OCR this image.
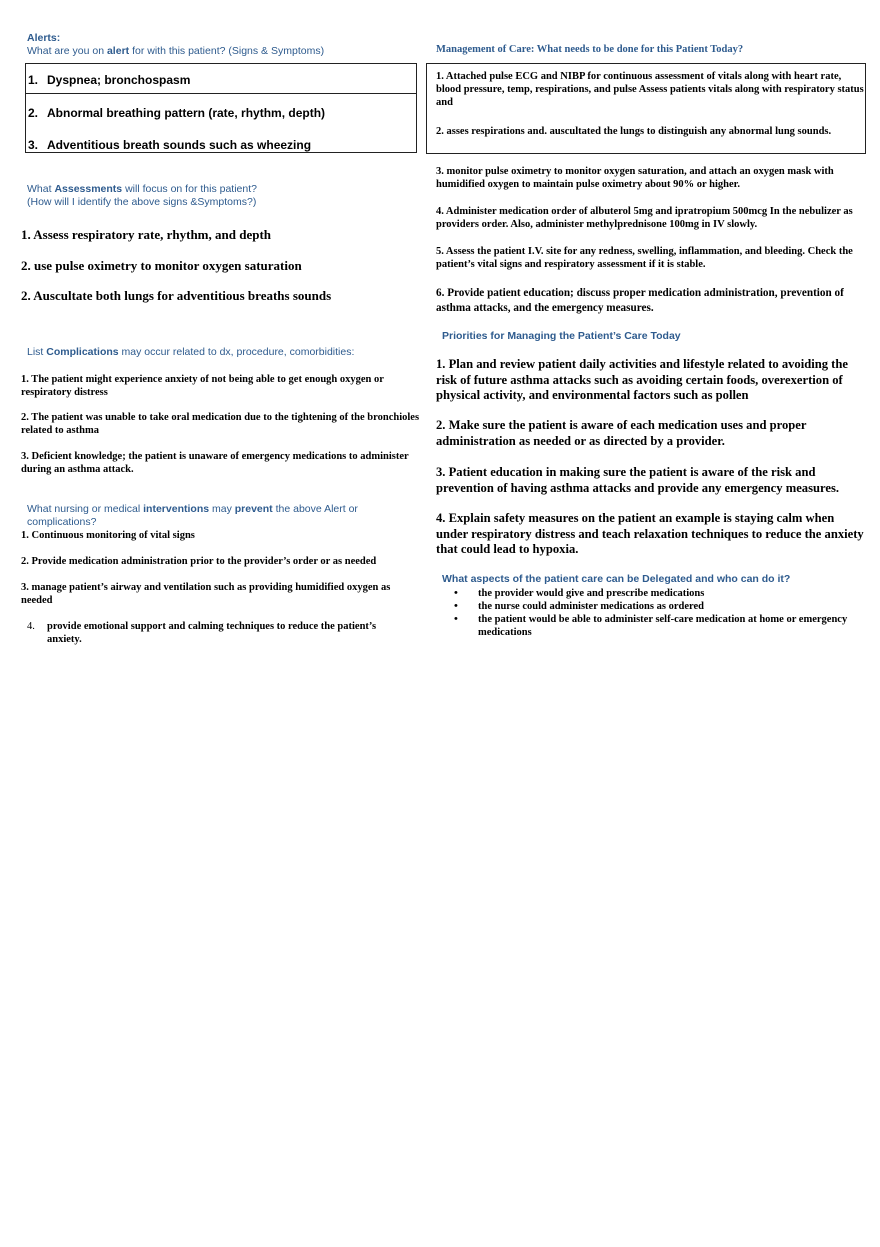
Alerts:
What are you on alert for with this patient? (Signs & Symptoms)
1. Dyspnea; bronchospasm
2. Abnormal breathing pattern (rate, rhythm, depth)
3. Adventitious breath sounds such as wheezing
What Assessments will focus on for this patient?
(How will I identify the above signs &Symptoms?)
1. Assess respiratory rate, rhythm, and depth
2. use pulse oximetry to monitor oxygen saturation
2. Auscultate both lungs for adventitious breaths sounds
List Complications may occur related to dx, procedure, comorbidities:
1. The patient might experience anxiety of not being able to get enough oxygen or respiratory distress
2. The patient was unable to take oral medication due to the tightening of the bronchioles related to asthma
3. Deficient knowledge; the patient is unaware of emergency medications to administer during an asthma attack.
What nursing or medical interventions may prevent the above Alert or complications?
1. Continuous monitoring of vital signs
2. Provide medication administration prior to the provider’s order or as needed
3. manage patient’s airway and ventilation such as providing humidified oxygen as needed
4. provide emotional support and calming techniques to reduce the patient’s anxiety.
Management of Care: What needs to be done for this Patient Today?
1. Attached pulse ECG and NIBP for continuous assessment of vitals along with heart rate, blood pressure, temp, respirations, and pulse Assess patients vitals along with respiratory status and
2. asses respirations and. auscultated the lungs to distinguish any abnormal lung sounds.
3. monitor pulse oximetry to monitor oxygen saturation, and attach an oxygen mask with humidified oxygen to maintain pulse oximetry about 90% or higher.
4. Administer medication order of albuterol 5mg and ipratropium 500mcg In the nebulizer as providers order. Also, administer methylprednisone 100mg in IV slowly.
5. Assess the patient I.V. site for any redness, swelling, inflammation, and bleeding. Check the patient’s vital signs and respiratory assessment if it is stable.
6. Provide patient education; discuss proper medication administration, prevention of asthma attacks, and the emergency measures.
Priorities for Managing the Patient’s Care Today
1. Plan and review patient daily activities and lifestyle related to avoiding the risk of future asthma attacks such as avoiding certain foods, overexertion of physical activity, and environmental factors such as pollen
2. Make sure the patient is aware of each medication uses and proper administration as needed or as directed by a provider.
3. Patient education in making sure the patient is aware of the risk and prevention of having asthma attacks and provide any emergency measures.
4. Explain safety measures on the patient an example is staying calm when under respiratory distress and teach relaxation techniques to reduce the anxiety that could lead to hypoxia.
What aspects of the patient care can be Delegated and who can do it?
• the provider would give and prescribe medications
• the nurse could administer medications as ordered
• the patient would be able to administer self-care medication at home or emergency medications
